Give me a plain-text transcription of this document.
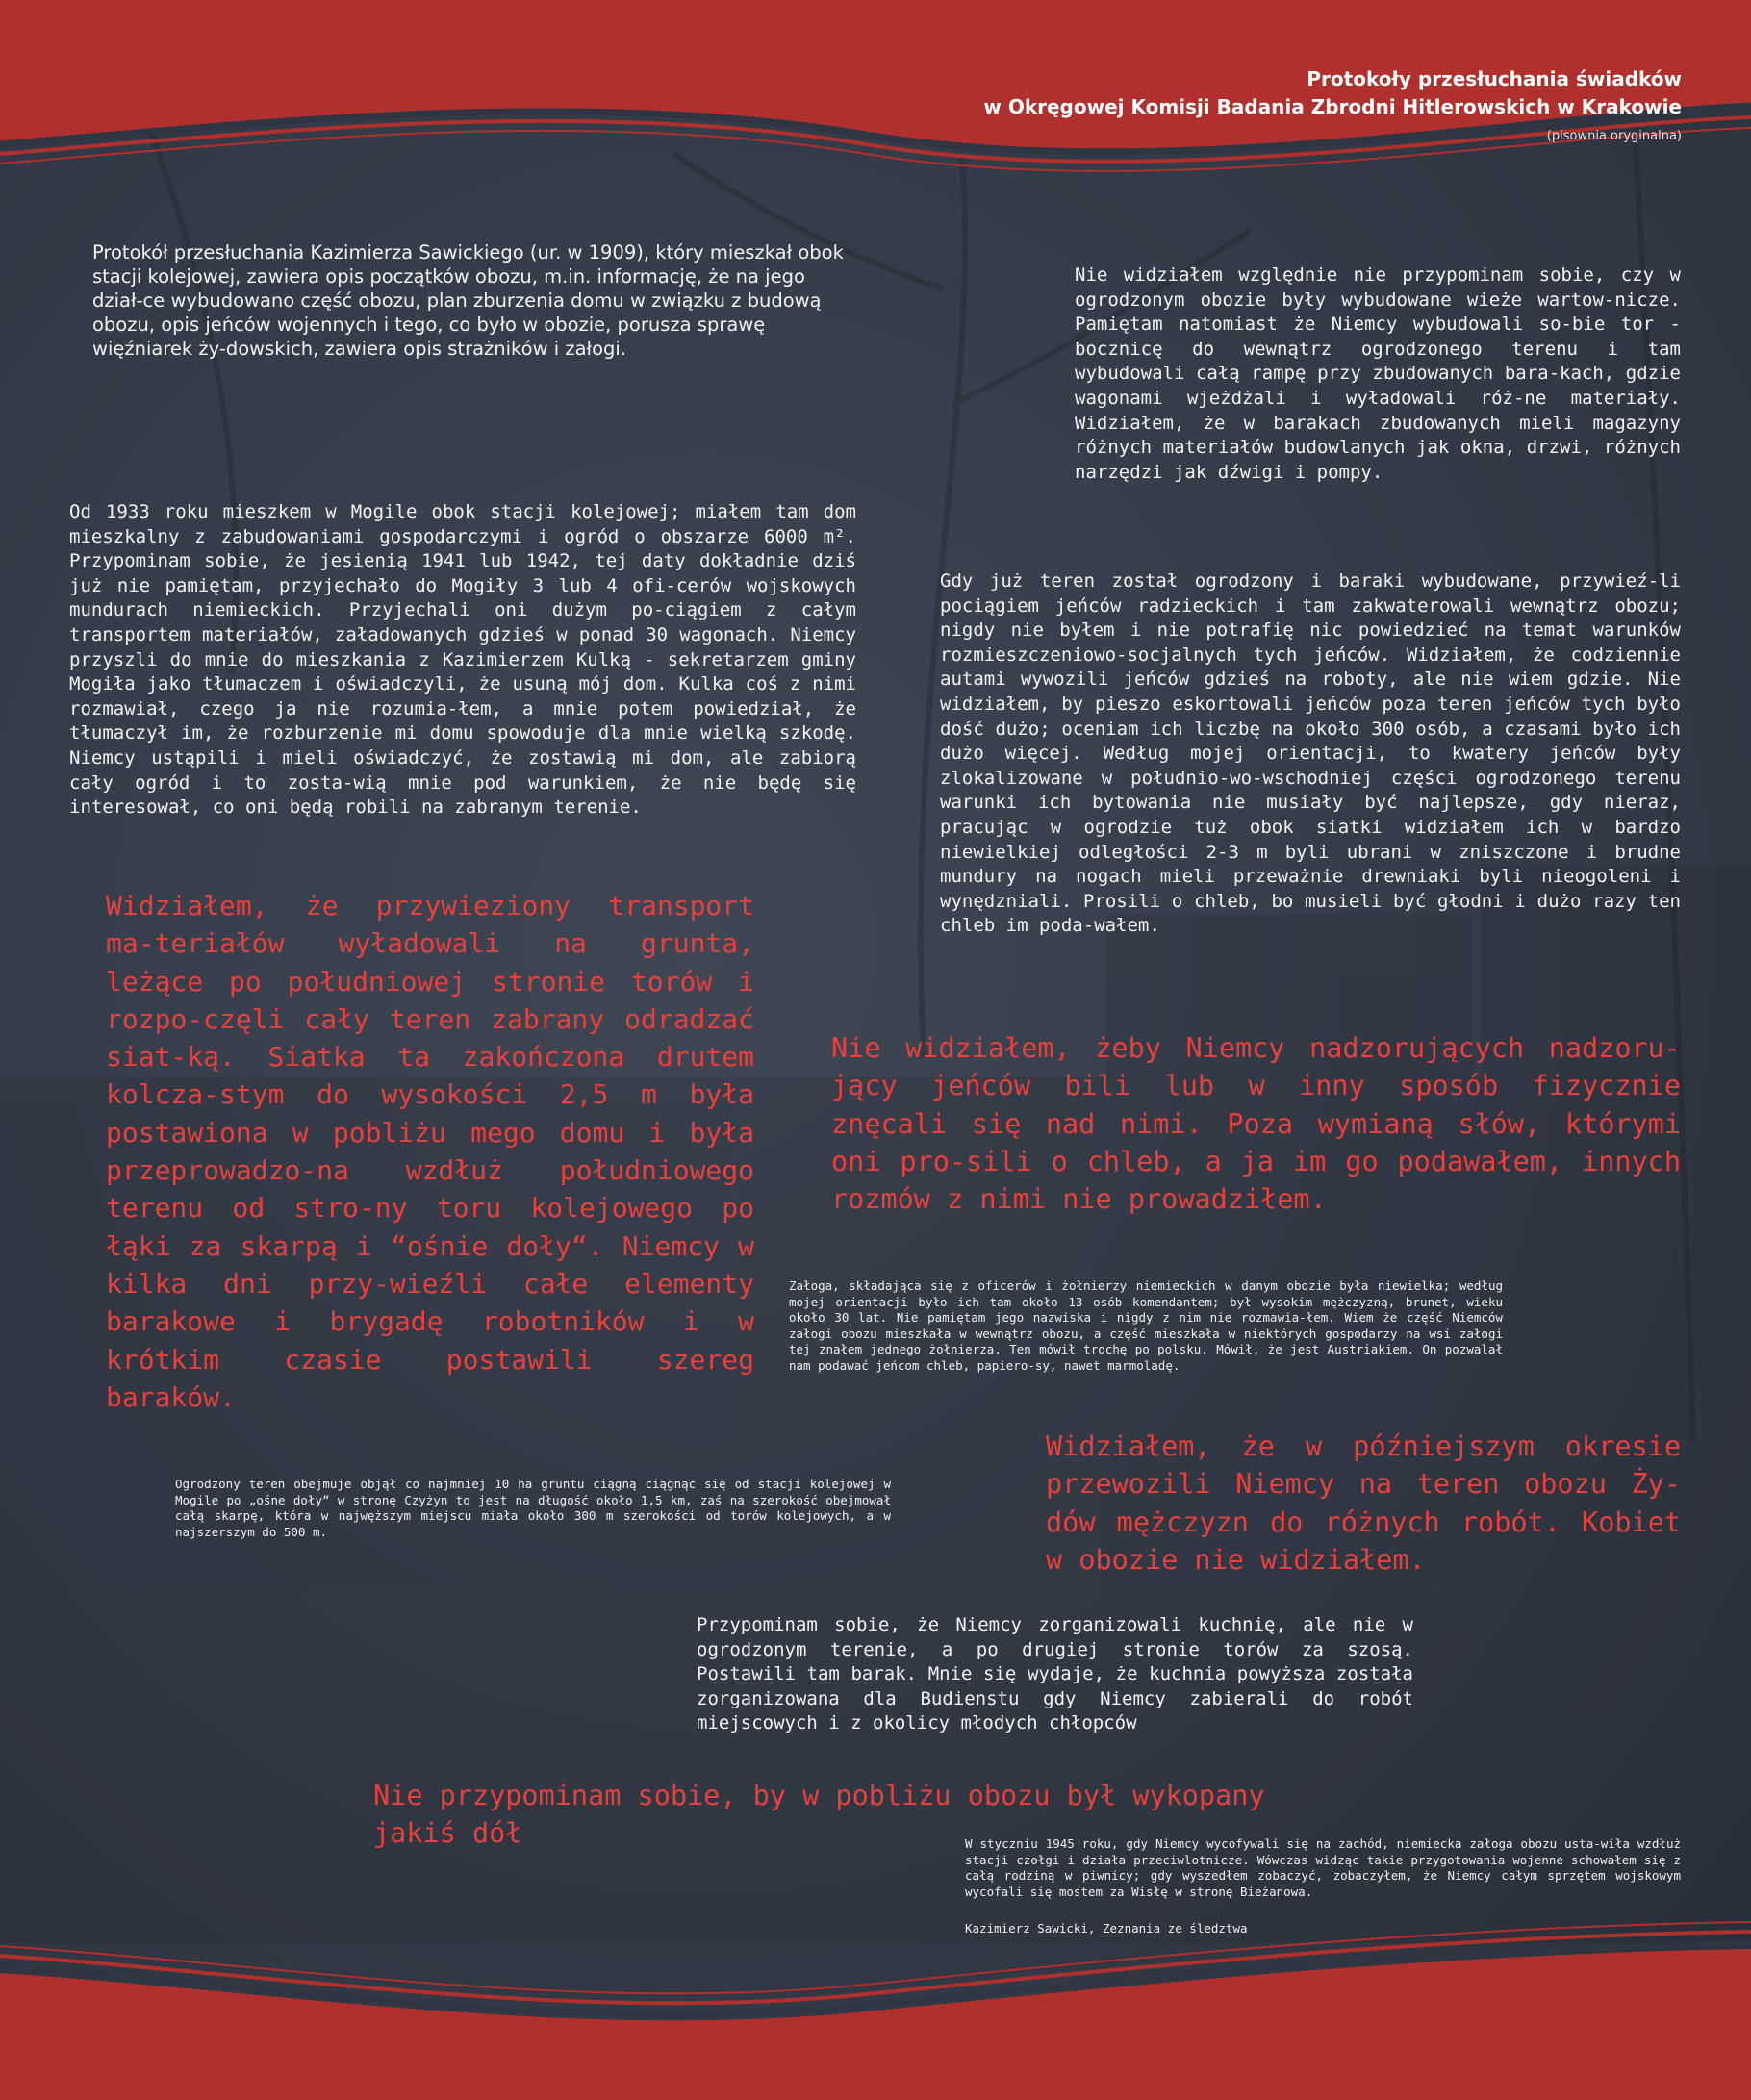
Protokoły przesłuchania świadków
w Okręgowej Komisji Badania Zbrodni Hitlerowskich w Krakowie
(pisownia oryginalna)
Protokół przesłuchania Kazimierza Sawickiego (ur. w 1909), który mieszkał obok stacji kolejowej, zawiera opis początków obozu, m.in. informację, że na jego dział-ce wybudowano część obozu, plan zburzenia domu w związku z budową obozu, opis jeńców wojennych i tego, co było w obozie, porusza sprawę więźniarek ży-dowskich, zawiera opis strażników i załogi.
Nie widziałem względnie nie przypominam sobie, czy w ogrodzonym obozie były wybudowane wieże wartow-nicze. Pamiętam natomiast że Niemcy wybudowali so-bie tor - bocznicę do wewnątrz ogrodzonego terenu i tam wybudowali całą rampę przy zbudowanych bara-kach, gdzie wagonami wjeżdżali i wyładowali róż-ne materiały. Widziałem, że w barakach zbudowanych mieli magazyny różnych materiałów budowlanych jak okna, drzwi, różnych narzędzi jak dźwigi i pompy.
Od 1933 roku mieszkem w Mogile obok stacji kolejowej; miałem tam dom mieszkalny z zabudowaniami gospodarczymi i ogród o obszarze 6000 m². Przypominam sobie, że jesienią 1941 lub 1942, tej daty dokładnie dziś już nie pamiętam, przyjechało do Mogiły 3 lub 4 ofi-cerów wojskowych mundurach niemieckich. Przyjechali oni dużym po-ciągiem z całym transportem materiałów, załadowanych gdzieś w ponad 30 wagonach. Niemcy przyszli do mnie do mieszkania z Kazimierzem Kulką - sekretarzem gminy Mogiła jako tłumaczem i oświadczyli, że usuną mój dom. Kulka coś z nimi rozmawiał, czego ja nie rozumia-łem, a mnie potem powiedział, że tłumaczył im, że rozburzenie mi domu spowoduje dla mnie wielką szkodę. Niemcy ustąpili i mieli oświadczyć, że zostawią mi dom, ale zabiorą cały ogród i to zosta-wią mnie pod warunkiem, że nie będę się interesował, co oni będą robili na zabranym terenie.
Gdy już teren został ogrodzony i baraki wybudowane, przywieź-li pociągiem jeńców radzieckich i tam zakwaterowali wewnątrz obozu; nigdy nie byłem i nie potrafię nic powiedzieć na temat warunków rozmieszczeniowo-socjalnych tych jeńców. Widziałem, że codziennie autami wywozili jeńców gdzieś na roboty, ale nie wiem gdzie. Nie widziałem, by pieszo eskortowali jeńców poza teren jeńców tych było dość dużo; oceniam ich liczbę na około 300 osób, a czasami było ich dużo więcej. Według mojej orientacji, to kwatery jeńców były zlokalizowane w południo-wo-wschodniej części ogrodzonego terenu warunki ich bytowania nie musiały być najlepsze, gdy nieraz, pracując w ogrodzie tuż obok siatki widziałem ich w bardzo niewielkiej odległości 2-3 m byli ubrani w zniszczone i brudne mundury na nogach mieli przeważnie drewniaki byli nieogoleni i wynędzniali. Prosili o chleb, bo musieli być głodni i dużo razy ten chleb im poda-wałem.
Widziałem, że przywieziony transport ma-teriałów wyładowali na grunta, leżące po południowej stronie torów i rozpo-częli cały teren zabrany odradzać siat-ką. Siatka ta zakończona drutem kolcza-stym do wysokości 2,5 m była postawiona w pobliżu mego domu i była przeprowadzo-na wzdłuż południowego terenu od stro-ny toru kolejowego po łąki za skarpą i “ośnie doły“. Niemcy w kilka dni przy-wieźli całe elementy barakowe i brygadę robotników i w krótkim czasie postawili szereg baraków.
Nie widziałem, żeby Niemcy nadzorujących nadzoru-jący jeńców bili lub w inny sposób fizycznie znęcali się nad nimi. Poza wymianą słów, którymi oni pro-sili o chleb, a ja im go podawałem, innych rozmów z nimi nie prowadziłem.
Załoga, składająca się z oficerów i żołnierzy niemieckich w danym obozie była niewielka; według mojej orientacji było ich tam około 13 osób komendantem; był wysokim mężczyzną, brunet, wieku około 30 lat. Nie pamiętam jego nazwiska i nigdy z nim nie rozmawia-łem. Wiem że część Niemców załogi obozu mieszkała w wewnątrz obozu, a część mieszkała w niektórych gospodarzy na wsi załogi tej znałem jednego żołnierza. Ten mówił trochę po polsku. Mówił, że jest Austriakiem. On pozwalał nam podawać jeńcom chleb, papiero-sy, nawet marmoladę.
Widziałem, że w późniejszym okresie przewozili Niemcy na teren obozu Ży-dów mężczyzn do różnych robót. Kobiet w obozie nie widziałem.
Ogrodzony teren obejmuje objął co najmniej 10 ha gruntu ciągną ciągnąc się od stacji kolejowej w Mogile po „ośne doły” w stronę Czyżyn to jest na długość około 1,5 km, zaś na szerokość obejmował całą skarpę, która w najwęższym miejscu miała około 300 m szerokości od torów kolejowych, a w najszerszym do 500 m.
Przypominam sobie, że Niemcy zorganizowali kuchnię, ale nie w ogrodzonym terenie, a po drugiej stronie torów za szosą. Postawili tam barak. Mnie się wydaje, że kuchnia powyższa została zorganizowana dla Budienstu gdy Niemcy zabierali do robót miejscowych i z okolicy młodych chłopców
Nie przypominam sobie, by w pobliżu obozu był wykopany jakiś dół	W styczniu 1945 roku, gdy Niemcy wycofywali się na zachód, niemiecka załoga obozu usta-wiła wzdłuż stacji czołgi i działa przeciwlotnicze. Wówczas widząc takie przygotowania wojenne schowałem się z całą rodziną w piwnicy; gdy wyszedłem zobaczyć, zobaczyłem, że Niemcy całym sprzętem wojskowym wycofali się mostem za Wisłę w stronę Bieżanowa.
Kazimierz Sawicki, Zeznania ze śledztwa
